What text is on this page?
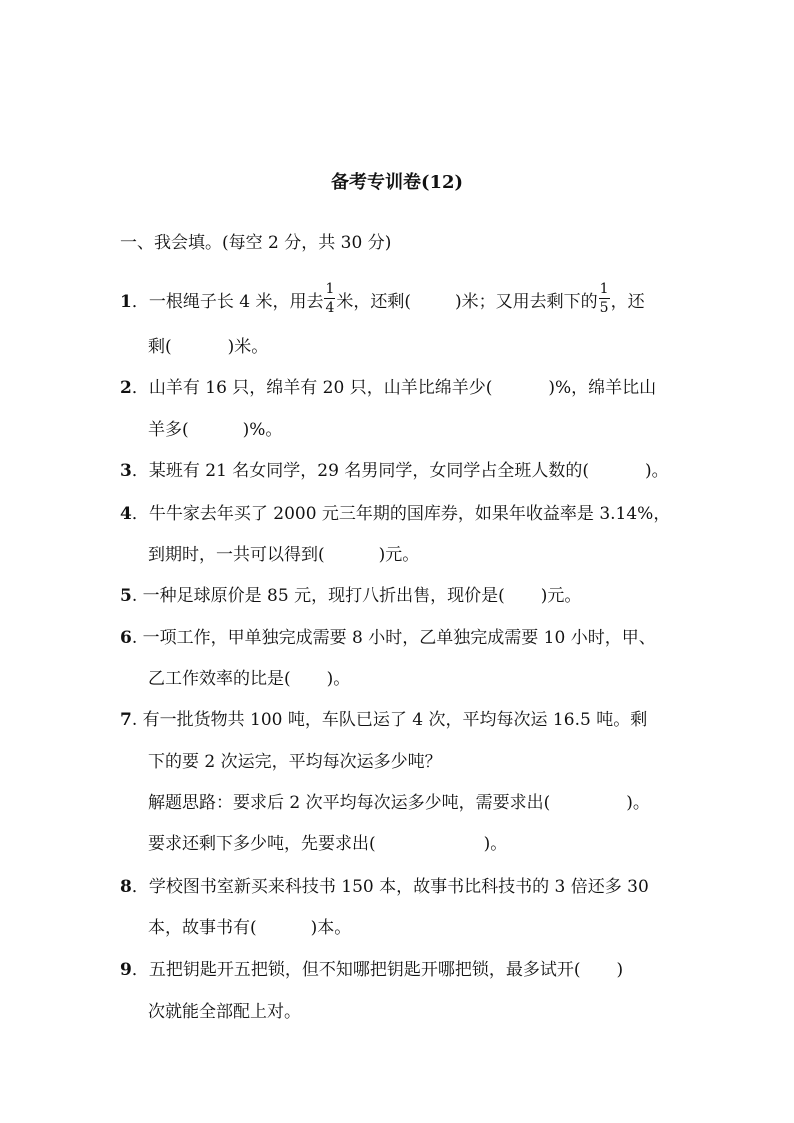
备考专训卷(12)
一、我会填。(每空 2 分，共 30 分)
1．一根绳子长 4 米，用去 $\frac{1}{4}$ 米，还剩(	)米；又用去剩下的 $\frac{1}{5}$ ，还
剩(	)米。
2．山羊有 16 只，绵羊有 20 只，山羊比绵羊少(	)%，绵羊比山
羊多(	)%。
3．某班有 21 名女同学，29 名男同学，女同学占全班人数的(	)。
4．牛牛家去年买了 2000 元三年期的国库券，如果年收益率是 3.14%，
到期时，一共可以得到(	)元。
5. 一种足球原价是 85 元，现打八折出售，现价是( )元。
6. 一项工作，甲单独完成需要 8 小时，乙单独完成需要 10 小时，甲、
乙工作效率的比是( )。
7. 有一批货物共 100 吨，车队已运了 4 次，平均每次运 16.5 吨。剩
下的要 2 次运完，平均每次运多少吨？
解题思路：要求后 2 次平均每次运多少吨，需要求出(	)。
要求还剩下多少吨，先要求出(	)。
8．学校图书室新买来科技书 150 本，故事书比科技书的 3 倍还多 30
本，故事书有(	)本。
9．五把钥匙开五把锁，但不知哪把钥匙开哪把锁，最多试开( )
次就能全部配上对。
